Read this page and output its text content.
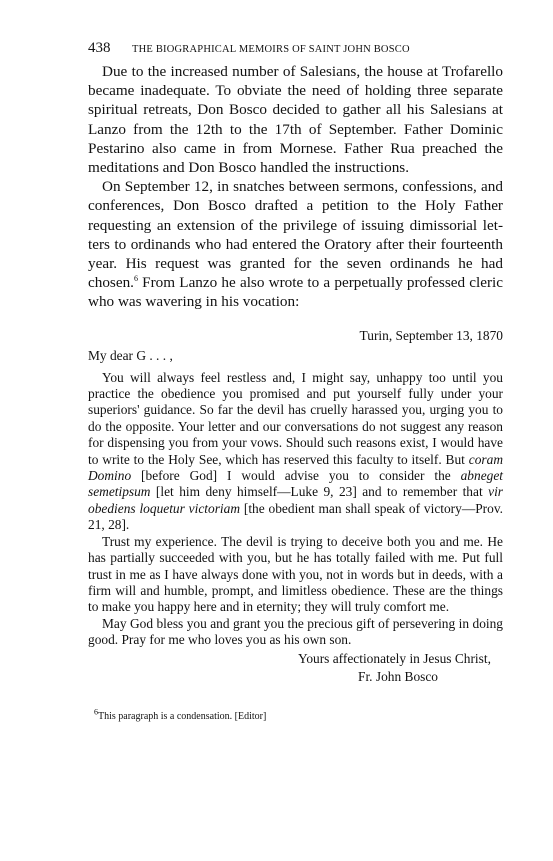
438	THE BIOGRAPHICAL MEMOIRS OF SAINT JOHN BOSCO

Due to the increased number of Salesians, the house at Trofarello became inadequate. To obviate the need of holding three separate spiritual retreats, Don Bosco decided to gather all his Salesians at Lanzo from the 12th to the 17th of September. Father Dominic Pestarino also came in from Mornese. Father Rua preached the meditations and Don Bosco handled the instructions.

On September 12, in snatches between sermons, confessions, and conferences, Don Bosco drafted a petition to the Holy Father requesting an extension of the privilege of issuing dimissorial letters to ordinands who had entered the Oratory after their fourteenth year. His request was granted for the seven ordinands he had chosen.$^6$ From Lanzo he also wrote to a perpetually professed cleric who was wavering in his vocation:

Turin, September 13, 1870
My dear G . . . ,

You will always feel restless and, I might say, unhappy too until you practice the obedience you promised and put yourself fully under your superiors' guidance. So far the devil has cruelly harassed you, urging you to do the opposite. Your letter and our conversations do not suggest any reason for dispensing you from your vows. Should such reasons exist, I would have to write to the Holy See, which has reserved this faculty to itself. But coram Domino [before God] I would advise you to consider the abneget semetipsum [let him deny himself—Luke 9, 23] and to remember that vir obediens loquetur victoriam [the obedient man shall speak of victory—Prov. 21, 28].

Trust my experience. The devil is trying to deceive both you and me. He has partially succeeded with you, but he has totally failed with me. Put full trust in me as I have always done with you, not in words but in deeds, with a firm will and humble, prompt, and limitless obedience. These are the things to make you happy here and in eternity; they will truly comfort me.

May God bless you and grant you the precious gift of persevering in doing good. Pray for me who loves you as his own son.

Yours affectionately in Jesus Christ,
Fr. John Bosco
$^6$This paragraph is a condensation. [Editor]
